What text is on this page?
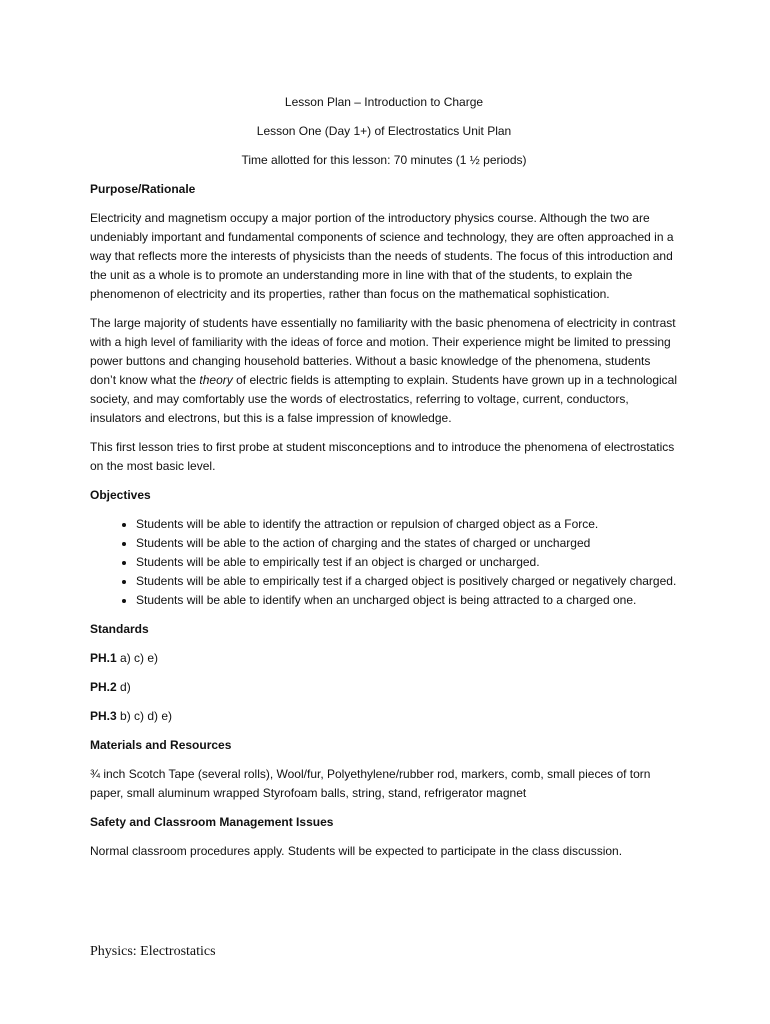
Lesson Plan – Introduction to Charge
Lesson One (Day 1+) of Electrostatics Unit Plan
Time allotted for this lesson: 70 minutes (1 ½ periods)
Purpose/Rationale

Electricity and magnetism occupy a major portion of the introductory physics course. Although the two are undeniably important and fundamental components of science and technology, they are often approached in a way that reflects more the interests of physicists than the needs of students. The focus of this introduction and the unit as a whole is to promote an understanding more in line with that of the students, to explain the phenomenon of electricity and its properties, rather than focus on the mathematical sophistication.

The large majority of students have essentially no familiarity with the basic phenomena of electricity in contrast with a high level of familiarity with the ideas of force and motion. Their experience might be limited to pressing power buttons and changing household batteries. Without a basic knowledge of the phenomena, students don’t know what the theory of electric fields is attempting to explain. Students have grown up in a technological society, and may comfortably use the words of electrostatics, referring to voltage, current, conductors, insulators and electrons, but this is a false impression of knowledge.

This first lesson tries to first probe at student misconceptions and to introduce the phenomena of electrostatics on the most basic level.

Objectives
• Students will be able to identify the attraction or repulsion of charged object as a Force.
• Students will be able to the action of charging and the states of charged or uncharged
• Students will be able to empirically test if an object is charged or uncharged.
• Students will be able to empirically test if a charged object is positively charged or negatively charged.
• Students will be able to identify when an uncharged object is being attracted to a charged one.
Standards

PH.1 a) c) e)

PH.2 d)

PH.3 b) c) d) e)

Materials and Resources

¾ inch Scotch Tape (several rolls), Wool/fur, Polyethylene/rubber rod, markers, comb, small pieces of torn paper, small aluminum wrapped Styrofoam balls, string, stand, refrigerator magnet

Safety and Classroom Management Issues

Normal classroom procedures apply. Students will be expected to participate in the class discussion.

Physics: Electrostatics
